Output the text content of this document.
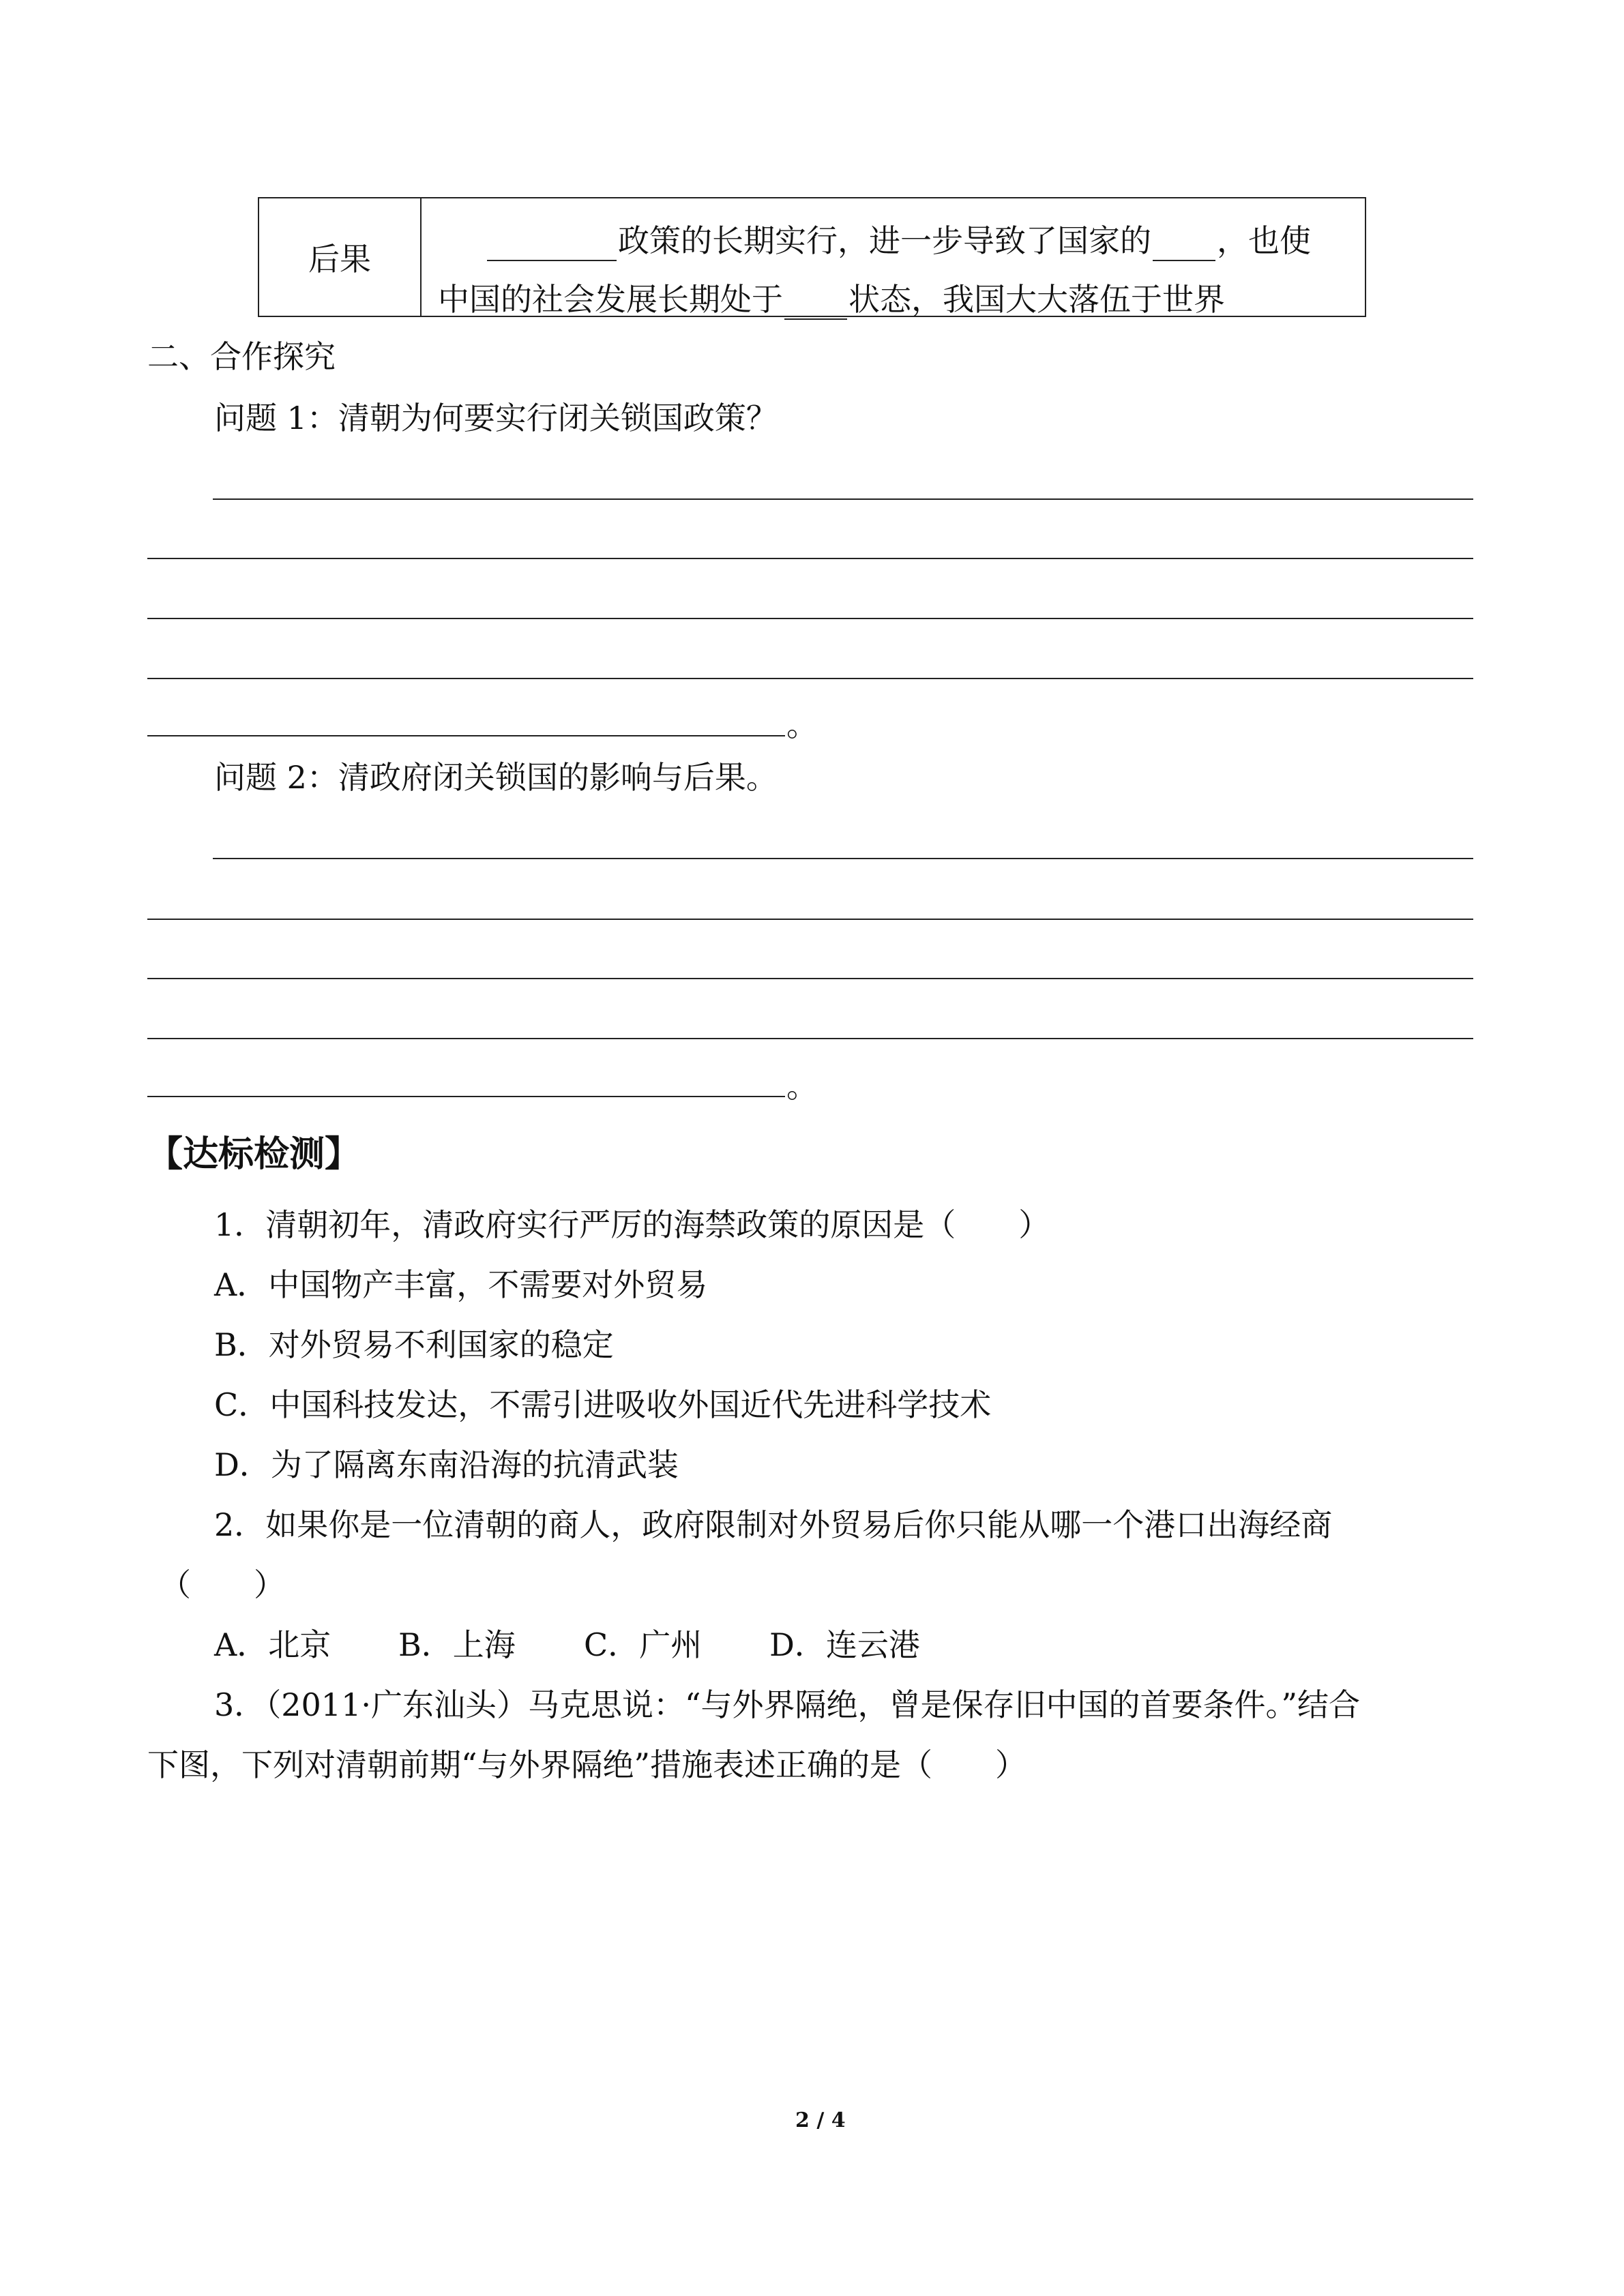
后果	政策的长期实行，进一步导致了国家的 ，也使
中国的社会发展长期处于 状态，我国大大落伍于世界
二、合作探究
问题 1：清朝为何要实行闭关锁国政策？
。
问题 2：清政府闭关锁国的影响与后果。
。
【达标检测】
1．清朝初年，清政府实行严厉的海禁政策的原因是（　　）
A．中国物产丰富，不需要对外贸易
B．对外贸易不利国家的稳定
C．中国科技发达，不需引进吸收外国近代先进科学技术
D．为了隔离东南沿海的抗清武装
2．如果你是一位清朝的商人，政府限制对外贸易后你只能从哪一个港口出海经商
（　　）
A．北京 B．上海 C．广州 D．连云港
3．（2011·广东汕头）马克思说：“与外界隔绝，曾是保存旧中国的首要条件。”结合
下图，下列对清朝前期“与外界隔绝”措施表述正确的是（　　）
2 / 4
